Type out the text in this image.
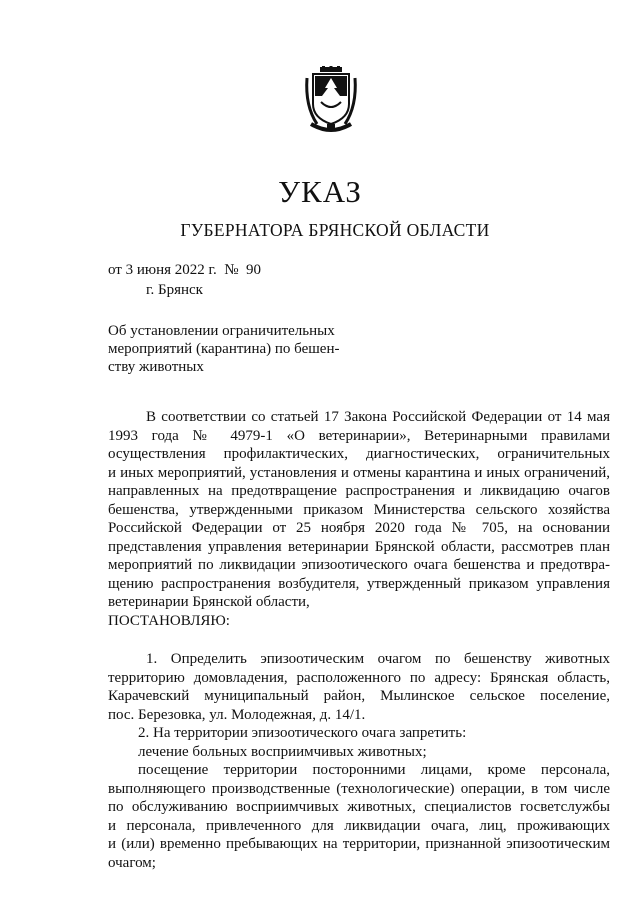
УКАЗ
ГУБЕРНАТОРА БРЯНСКОЙ ОБЛАСТИ
от 3 июня 2022 г. № 90
г. Брянск
Об установлении ограничительных
мероприятий (карантина) по бешен-
ству животных
В соответствии со статьей 17 Закона Российской Федерации от 14 мая
1993 года № 4979-1 «О ветеринарии», Ветеринарными правилами
осуществления профилактических, диагностических, ограничительных
и иных мероприятий, установления и отмены карантина и иных ограничений,
направленных на предотвращение распространения и ликвидацию очагов
бешенства, утвержденными приказом Министерства сельского хозяйства
Российской Федерации от 25 ноября 2020 года № 705, на основании
представления управления ветеринарии Брянской области, рассмотрев план
мероприятий по ликвидации эпизоотического очага бешенства и предотвра-
щению распространения возбудителя, утвержденный приказом управления
ветеринарии Брянской области,
ПОСТАНОВЛЯЮ:
1. Определить эпизоотическим очагом по бешенству животных
территорию домовладения, расположенного по адресу: Брянская область,
Карачевский муниципальный район, Мылинское сельское поселение,
пос. Березовка, ул. Молодежная, д. 14/1.
2. На территории эпизоотического очага запретить:
лечение больных восприимчивых животных;
посещение территории посторонними лицами, кроме персонала,
выполняющего производственные (технологические) операции, в том числе
по обслуживанию восприимчивых животных, специалистов госветслужбы
и персонала, привлеченного для ликвидации очага, лиц, проживающих
и (или) временно пребывающих на территории, признанной эпизоотическим
очагом;
